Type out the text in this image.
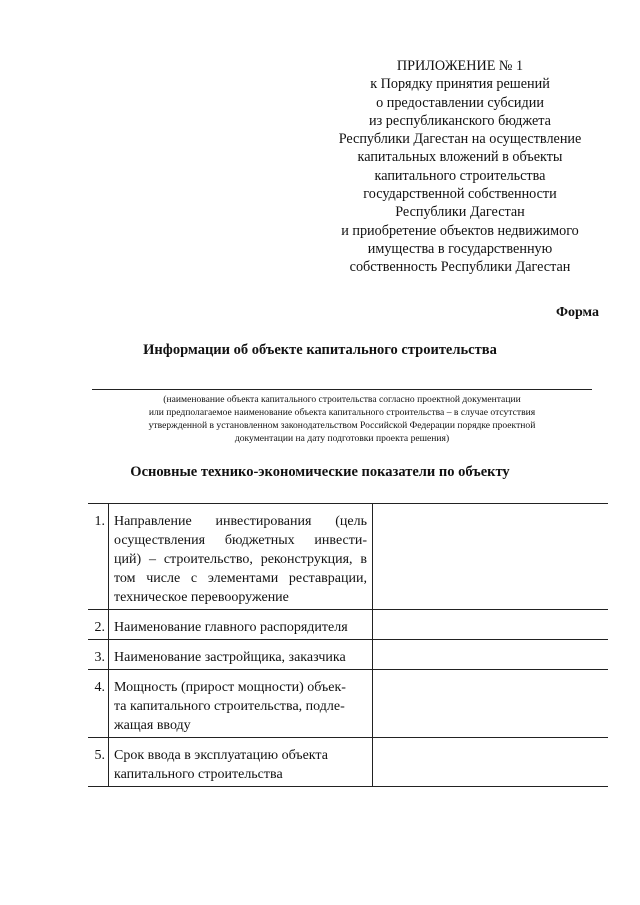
ПРИЛОЖЕНИЕ № 1
к Порядку принятия решений
о предоставлении субсидии
из республиканского бюджета
Республики Дагестан на осуществление
капитальных вложений в объекты
капитального строительства
государственной собственности
Республики Дагестан
и приобретение объектов недвижимого
имущества в государственную
собственность Республики Дагестан
Форма
Информации об объекте капитального строительства
(наименование объекта капитального строительства согласно проектной документации
или предполагаемое наименование объекта капитального строительства – в случае отсутствия
утвержденной в установленном законодательством Российской Федерации порядке проектной
документации на дату подготовки проекта решения)
Основные технико-экономические показатели по объекту
1.	Направление инвестирования (цель
осуществления бюджетных инвести-
ций) – строительство, реконструкция, в
том числе с элементами реставрации,
техническое перевооружение	

2.	Наименование главного распорядителя	

3.	Наименование застройщика, заказчика	

4.	Мощность (прирост мощности) объек-
та капитального строительства, подле-
жащая вводу	

5.	Срок ввода в эксплуатацию объекта
капитального строительства	
